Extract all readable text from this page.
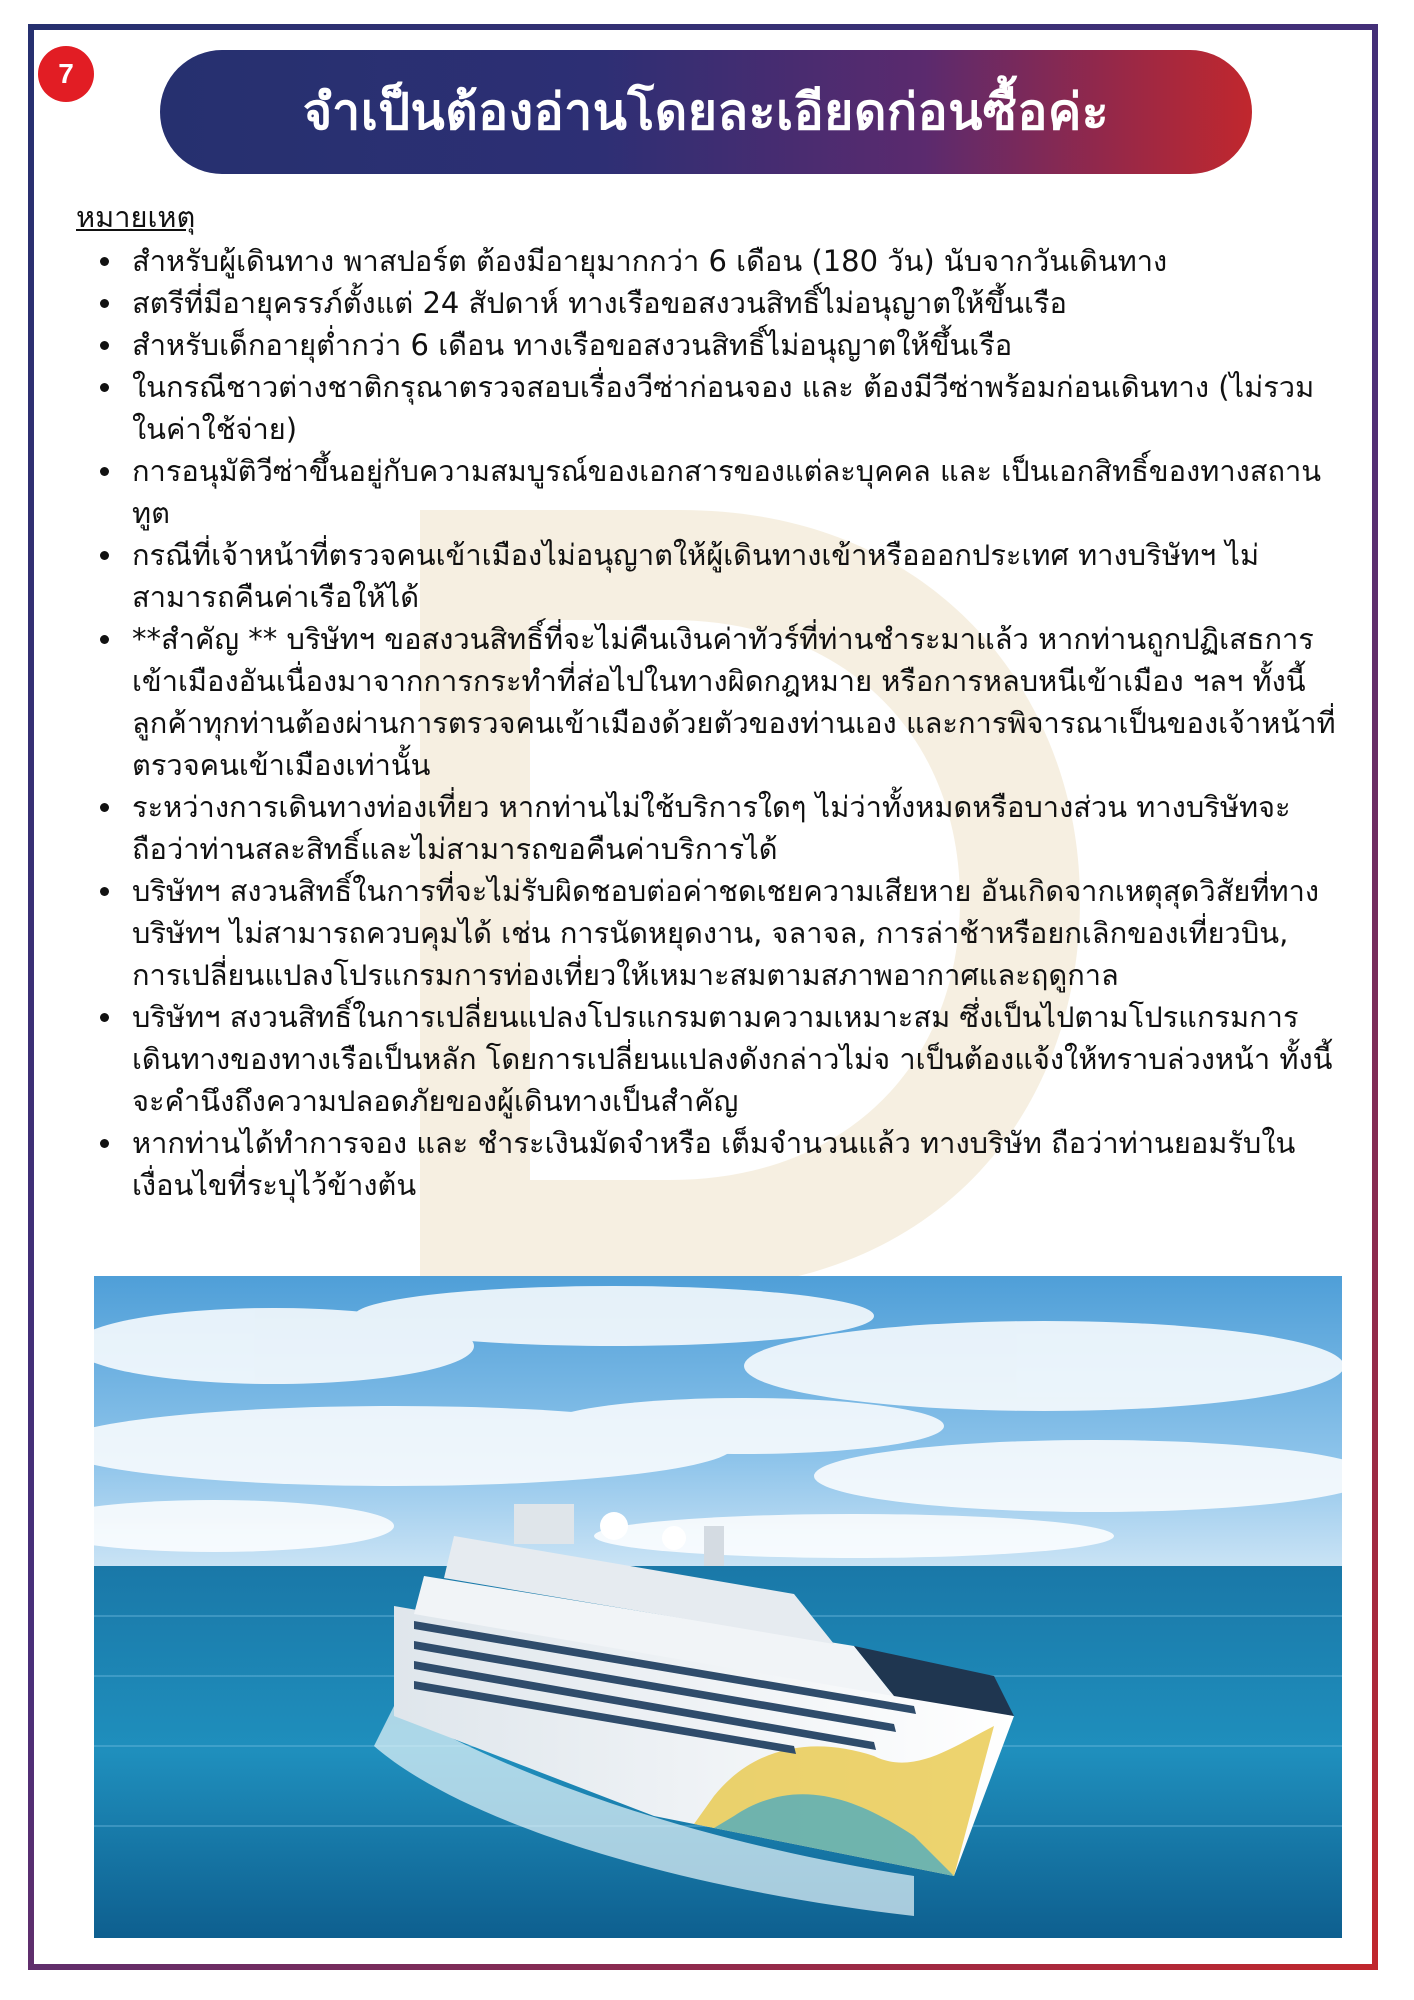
7
จำเป็นต้องอ่านโดยละเอียดก่อนซื้อค่ะ
หมายเหตุ
สำหรับผู้เดินทาง พาสปอร์ต ต้องมีอายุมากกว่า 6 เดือน (180 วัน) นับจากวันเดินทาง
สตรีที่มีอายุครรภ์ตั้งแต่ 24 สัปดาห์ ทางเรือขอสงวนสิทธิ์ไม่อนุญาตให้ขึ้นเรือ
สำหรับเด็กอายุต่ำกว่า 6 เดือน ทางเรือขอสงวนสิทธิ์ไม่อนุญาตให้ขึ้นเรือ
ในกรณีชาวต่างชาติกรุณาตรวจสอบเรื่องวีซ่าก่อนจอง และ ต้องมีวีซ่าพร้อมก่อนเดินทาง (ไม่รวมในค่าใช้จ่าย)
การอนุมัติวีซ่าขึ้นอยู่กับความสมบูรณ์ของเอกสารของแต่ละบุคคล และ เป็นเอกสิทธิ์ของทางสถานทูต
กรณีที่เจ้าหน้าที่ตรวจคนเข้าเมืองไม่อนุญาตให้ผู้เดินทางเข้าหรือออกประเทศ ทางบริษัทฯ ไม่สามารถคืนค่าเรือให้ได้
**สำคัญ ** บริษัทฯ ขอสงวนสิทธิ์ที่จะไม่คืนเงินค่าทัวร์ที่ท่านชำระมาแล้ว หากท่านถูกปฏิเสธการเข้าเมืองอันเนื่องมาจากการกระทำที่ส่อไปในทางผิดกฎหมาย หรือการหลบหนีเข้าเมือง ฯลฯ ทั้งนี้ลูกค้าทุกท่านต้องผ่านการตรวจคนเข้าเมืองด้วยตัวของท่านเอง และการพิจารณาเป็นของเจ้าหน้าที่ตรวจคนเข้าเมืองเท่านั้น
ระหว่างการเดินทางท่องเที่ยว หากท่านไม่ใช้บริการใดๆ ไม่ว่าทั้งหมดหรือบางส่วน ทางบริษัทจะถือว่าท่านสละสิทธิ์และไม่สามารถขอคืนค่าบริการได้
บริษัทฯ สงวนสิทธิ์ในการที่จะไม่รับผิดชอบต่อค่าชดเชยความเสียหาย อันเกิดจากเหตุสุดวิสัยที่ทาง บริษัทฯ ไม่สามารถควบคุมได้ เช่น การนัดหยุดงาน, จลาจล, การล่าช้าหรือยกเลิกของเที่ยวบิน, การเปลี่ยนแปลงโปรแกรมการท่องเที่ยวให้เหมาะสมตามสภาพอากาศและฤดูกาล
บริษัทฯ สงวนสิทธิ์ในการเปลี่ยนแปลงโปรแกรมตามความเหมาะสม ซึ่งเป็นไปตามโปรแกรมการเดินทางของทางเรือเป็นหลัก โดยการเปลี่ยนแปลงดังกล่าวไม่จ าเป็นต้องแจ้งให้ทราบล่วงหน้า ทั้งนี้จะคำนึงถึงความปลอดภัยของผู้เดินทางเป็นสำคัญ
หากท่านได้ทำการจอง และ ชำระเงินมัดจำหรือ เต็มจำนวนแล้ว ทางบริษัท ถือว่าท่านยอมรับในเงื่อนไขที่ระบุไว้ข้างต้น
